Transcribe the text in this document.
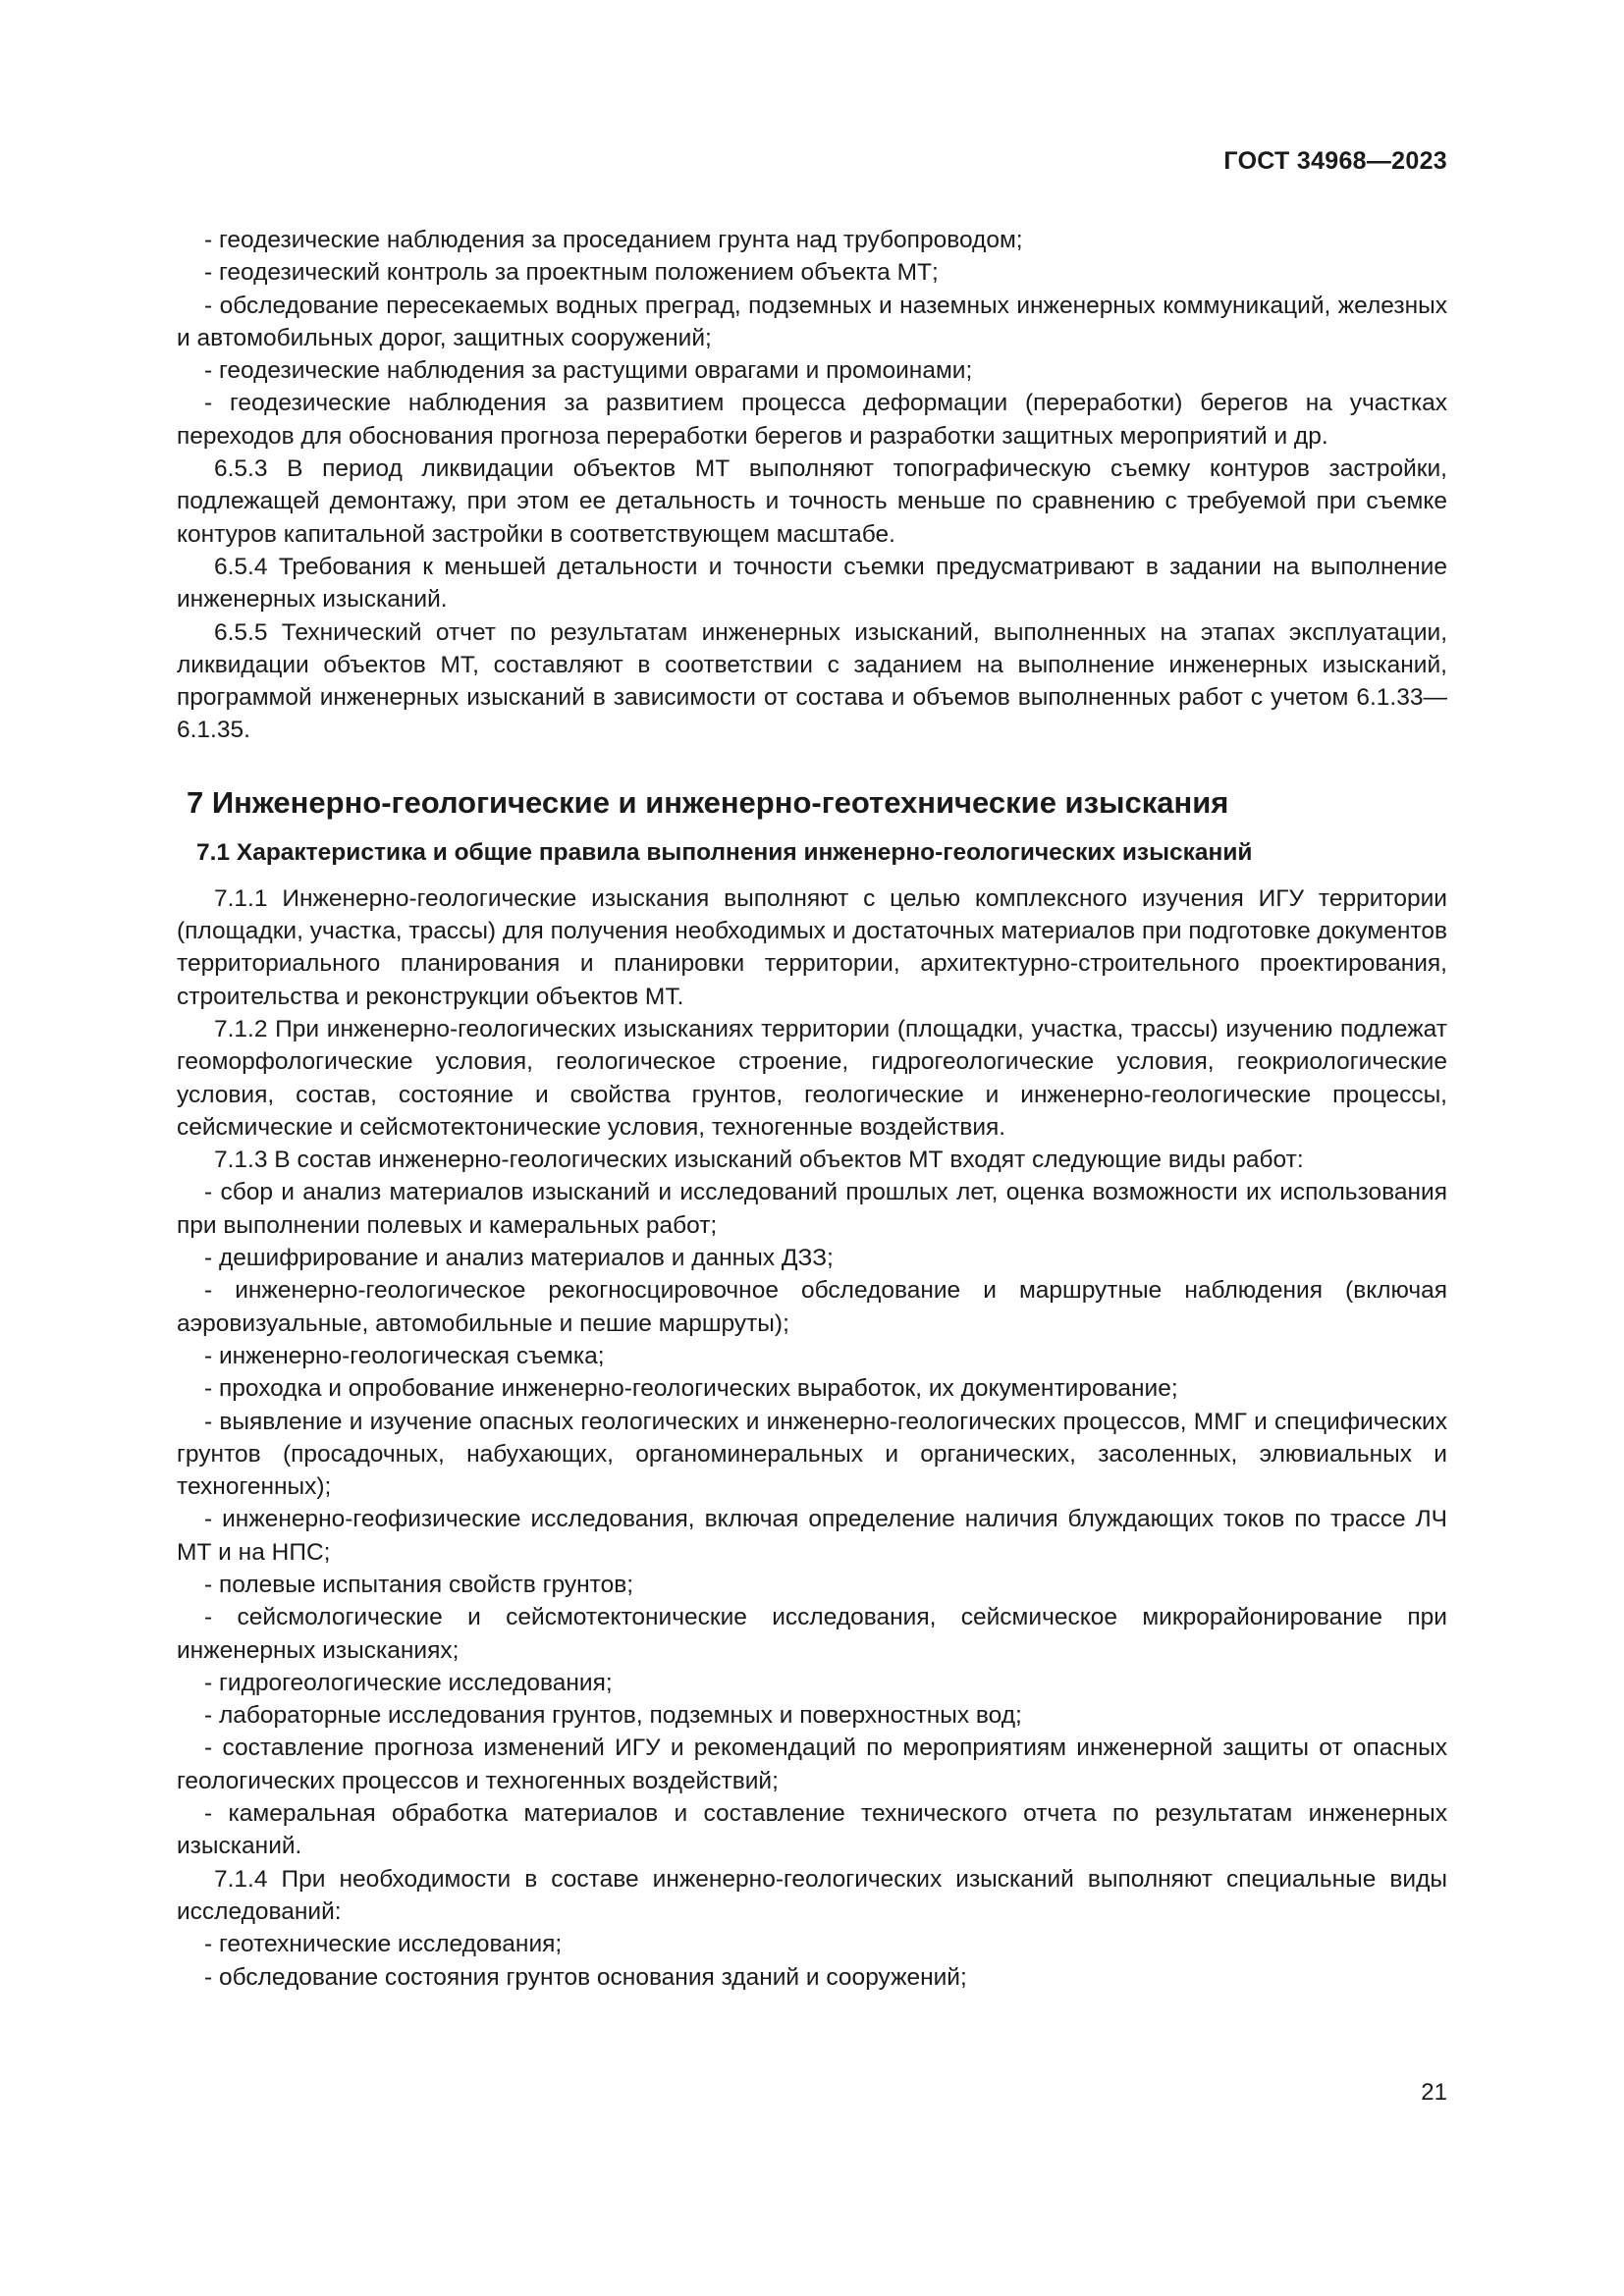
ГОСТ 34968—2023

- геодезические наблюдения за проседанием грунта над трубопроводом;

- геодезический контроль за проектным положением объекта МТ;

- обследование пересекаемых водных преград, подземных и наземных инженерных коммуникаций, железных и автомобильных дорог, защитных сооружений;

- геодезические наблюдения за растущими оврагами и промоинами;

- геодезические наблюдения за развитием процесса деформации (переработки) берегов на участках переходов для обоснования прогноза переработки берегов и разработки защитных мероприятий и др.

6.5.3 В период ликвидации объектов МТ выполняют топографическую съемку контуров застройки, подлежащей демонтажу, при этом ее детальность и точность меньше по сравнению с требуемой при съемке контуров капитальной застройки в соответствующем масштабе.

6.5.4 Требования к меньшей детальности и точности съемки предусматривают в задании на выполнение инженерных изысканий.

6.5.5 Технический отчет по результатам инженерных изысканий, выполненных на этапах эксплуатации, ликвидации объектов МТ, составляют в соответствии с заданием на выполнение инженерных изысканий, программой инженерных изысканий в зависимости от состава и объемов выполненных работ с учетом 6.1.33—6.1.35.

7 Инженерно-геологические и инженерно-геотехнические изыскания

7.1 Характеристика и общие правила выполнения инженерно-геологических изысканий

7.1.1 Инженерно-геологические изыскания выполняют с целью комплексного изучения ИГУ территории (площадки, участка, трассы) для получения необходимых и достаточных материалов при подготовке документов территориального планирования и планировки территории, архитектурно-строительного проектирования, строительства и реконструкции объектов МТ.

7.1.2 При инженерно-геологических изысканиях территории (площадки, участка, трассы) изучению подлежат геоморфологические условия, геологическое строение, гидрогеологические условия, геокриологические условия, состав, состояние и свойства грунтов, геологические и инженерно-геологические процессы, сейсмические и сейсмотектонические условия, техногенные воздействия.

7.1.3 В состав инженерно-геологических изысканий объектов МТ входят следующие виды работ:

- сбор и анализ материалов изысканий и исследований прошлых лет, оценка возможности их использования при выполнении полевых и камеральных работ;

- дешифрирование и анализ материалов и данных ДЗЗ;

- инженерно-геологическое рекогносцировочное обследование и маршрутные наблюдения (включая аэровизуальные, автомобильные и пешие маршруты);

- инженерно-геологическая съемка;

- проходка и опробование инженерно-геологических выработок, их документирование;

- выявление и изучение опасных геологических и инженерно-геологических процессов, ММГ и специфических грунтов (просадочных, набухающих, органоминеральных и органических, засоленных, элювиальных и техногенных);

- инженерно-геофизические исследования, включая определение наличия блуждающих токов по трассе ЛЧ МТ и на НПС;

- полевые испытания свойств грунтов;

- сейсмологические и сейсмотектонические исследования, сейсмическое микрорайонирование при инженерных изысканиях;

- гидрогеологические исследования;

- лабораторные исследования грунтов, подземных и поверхностных вод;

- составление прогноза изменений ИГУ и рекомендаций по мероприятиям инженерной защиты от опасных геологических процессов и техногенных воздействий;

- камеральная обработка материалов и составление технического отчета по результатам инженерных изысканий.

7.1.4 При необходимости в составе инженерно-геологических изысканий выполняют специальные виды исследований:

- геотехнические исследования;

- обследование состояния грунтов основания зданий и сооружений;

21
